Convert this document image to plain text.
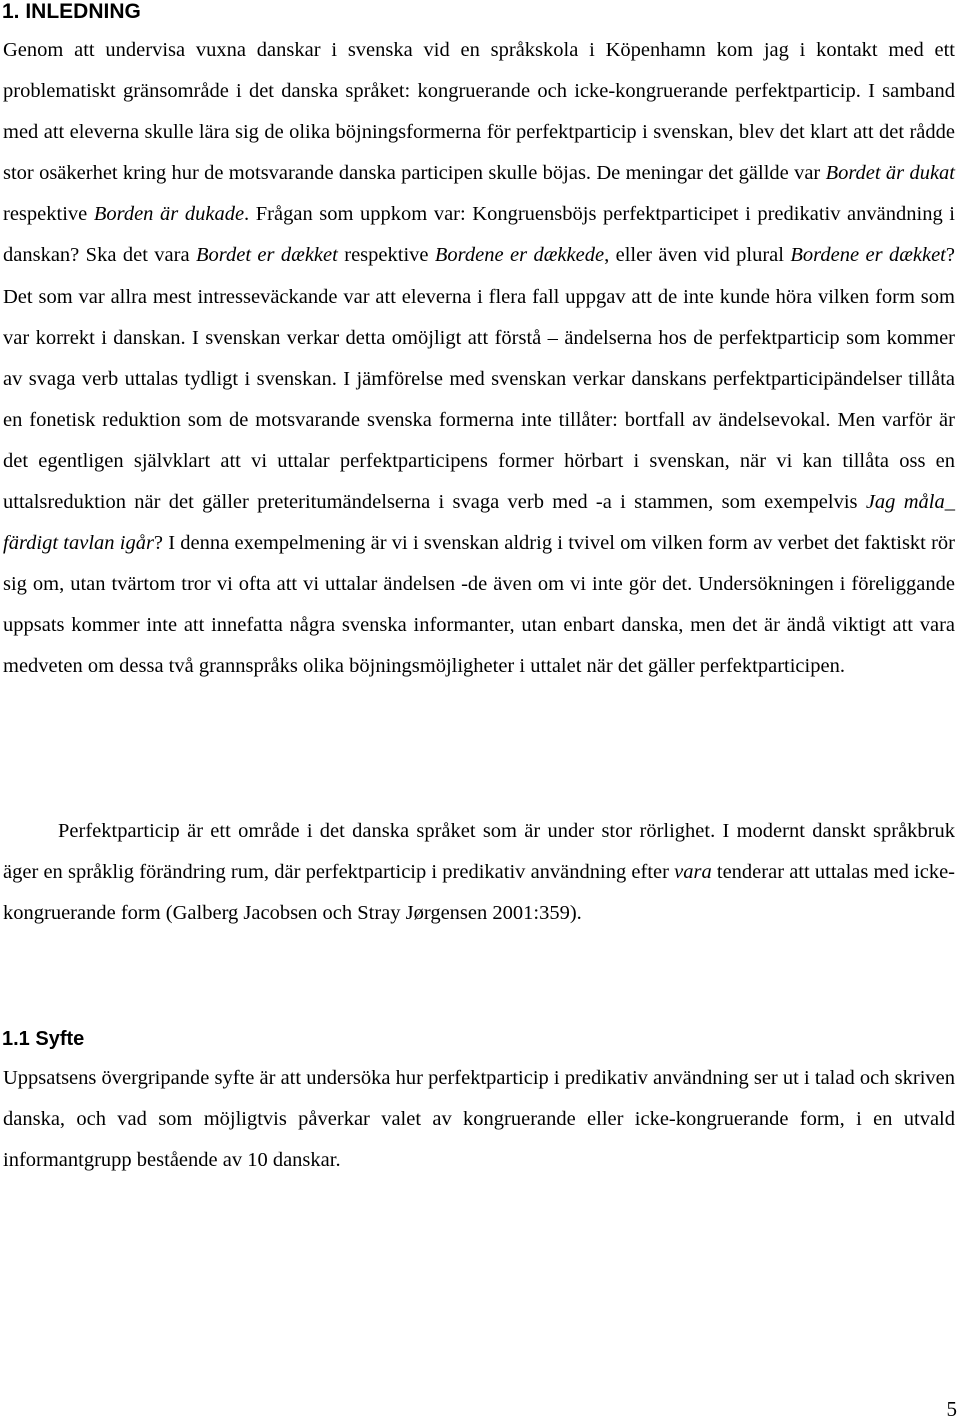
1. INLEDNING

Genom att undervisa vuxna danskar i svenska vid en språkskola i Köpenhamn kom jag i kontakt med ett problematiskt gränsområde i det danska språket: kongruerande och icke-kongruerande perfektparticip. I samband med att eleverna skulle lära sig de olika böjningsformerna för perfektparticip i svenskan, blev det klart att det rådde stor osäkerhet kring hur de motsvarande danska participen skulle böjas. De meningar det gällde var Bordet är dukat respektive Borden är dukade. Frågan som uppkom var: Kongruensböjs perfektparticipet i predikativ användning i danskan? Ska det vara Bordet er dækket respektive Bordene er dækkede, eller även vid plural Bordene er dækket? Det som var allra mest intresseväckande var att eleverna i flera fall uppgav att de inte kunde höra vilken form som var korrekt i danskan. I svenskan verkar detta omöjligt att förstå – ändelserna hos de perfektparticip som kommer av svaga verb uttalas tydligt i svenskan. I jämförelse med svenskan verkar danskans perfektparticipändelser tillåta en fonetisk reduktion som de motsvarande svenska formerna inte tillåter: bortfall av ändelsevokal. Men varför är det egentligen självklart att vi uttalar perfektparticipens former hörbart i svenskan, när vi kan tillåta oss en uttalsreduktion när det gäller preteritumändelserna i svaga verb med -a i stammen, som exempelvis Jag måla_ färdigt tavlan igår? I denna exempelmening är vi i svenskan aldrig i tvivel om vilken form av verbet det faktiskt rör sig om, utan tvärtom tror vi ofta att vi uttalar ändelsen -de även om vi inte gör det. Undersökningen i föreliggande uppsats kommer inte att innefatta några svenska informanter, utan enbart danska, men det är ändå viktigt att vara medveten om dessa två grannspråks olika böjningsmöjligheter i uttalet när det gäller perfektparticipen.

Perfektparticip är ett område i det danska språket som är under stor rörlighet. I modernt danskt språkbruk äger en språklig förändring rum, där perfektparticip i predikativ användning efter vara tenderar att uttalas med icke-kongruerande form (Galberg Jacobsen och Stray Jørgensen 2001:359).

1.1 Syfte

Uppsatsens övergripande syfte är att undersöka hur perfektparticip i predikativ användning ser ut i talad och skriven danska, och vad som möjligtvis påverkar valet av kongruerande eller icke-kongruerande form, i en utvald informantgrupp bestående av 10 danskar.

5
